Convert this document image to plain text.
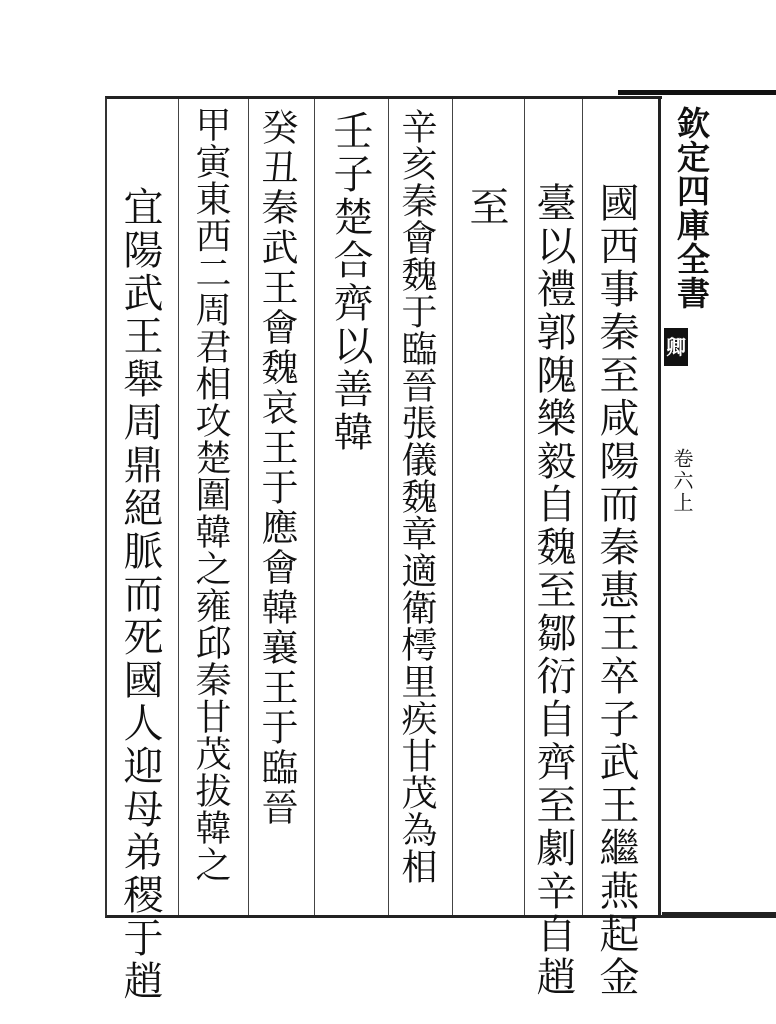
欽定四庫全書
卿
卷六上
國西事秦至咸陽而秦惠王卒子武王繼燕起金
臺以禮郭隗樂毅自魏至鄒衍自齊至劇辛自趙
至
辛亥秦會魏于臨晉張儀魏章適衛樗里疾甘茂為相
壬子楚合齊以善韓
癸丑秦武王會魏哀王于應會韓襄王于臨晉
甲寅東西二周君相攻楚圍韓之雍邱秦甘茂拔韓之
宜陽武王舉周鼎絕脈而死國人迎母弟稷于趙
